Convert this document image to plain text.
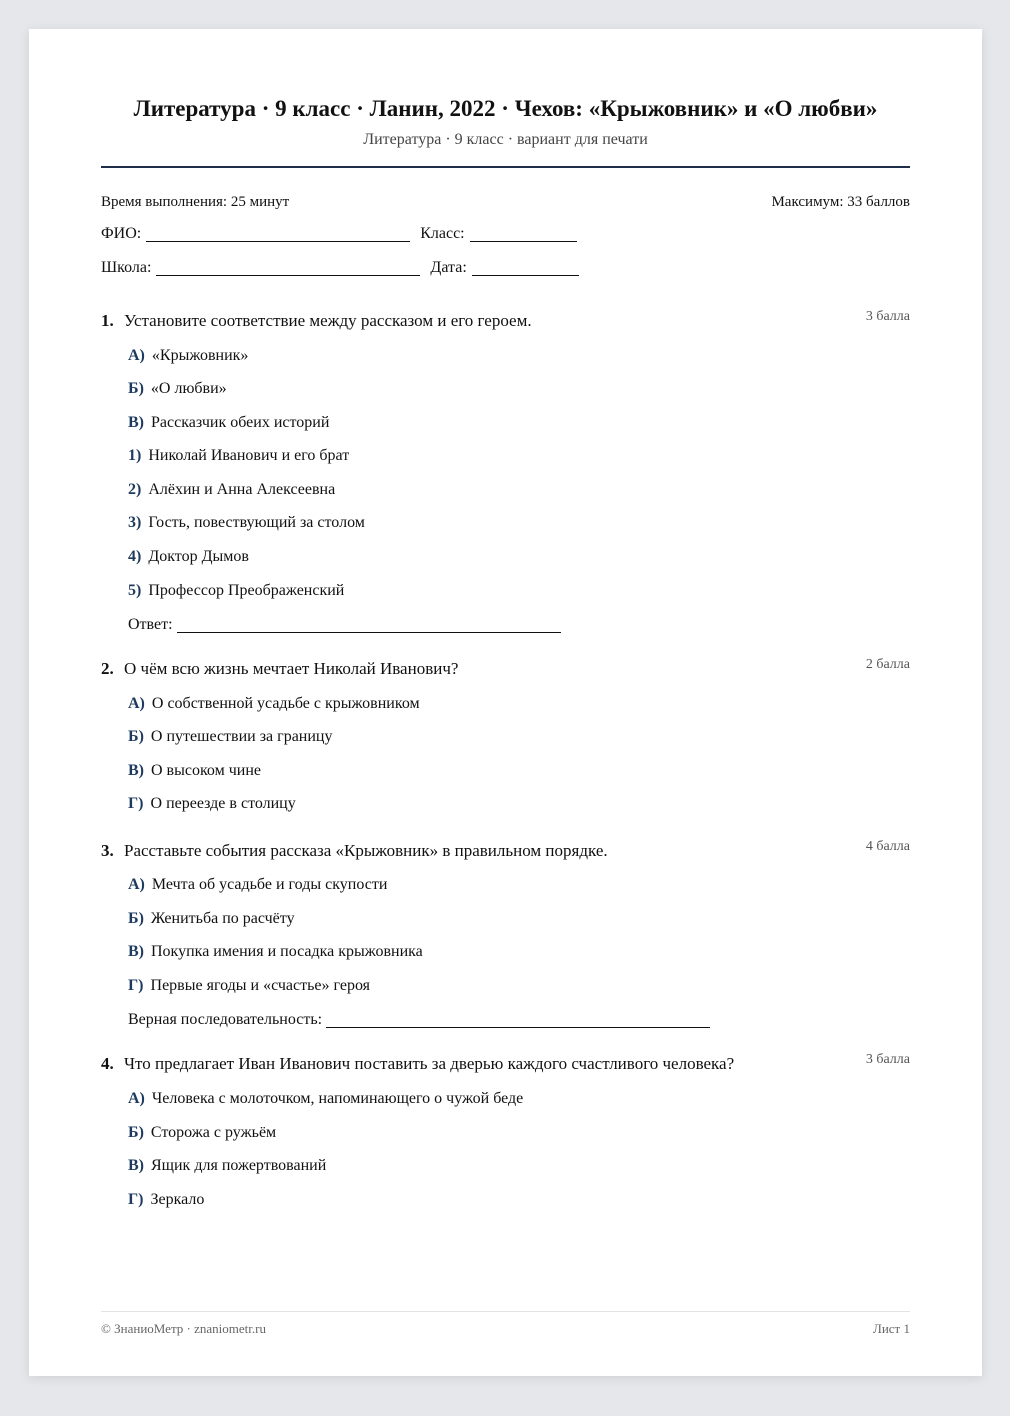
Литература · 9 класс · Ланин, 2022 · Чехов: «Крыжовник» и «О любви»
Литература · 9 класс · вариант для печати
Время выполнения: 25 минут	Максимум: 33 баллов
ФИО:	Класс:
Школа:	Дата:
1. Установите соответствие между рассказом и его героем.	3 балла
А) «Крыжовник»
Б) «О любви»
В) Рассказчик обеих историй
1) Николай Иванович и его брат
2) Алёхин и Анна Алексеевна
3) Гость, повествующий за столом
4) Доктор Дымов
5) Профессор Преображенский
Ответ:
2. О чём всю жизнь мечтает Николай Иванович?	2 балла
А) О собственной усадьбе с крыжовником
Б) О путешествии за границу
В) О высоком чине
Г) О переезде в столицу
3. Расставьте события рассказа «Крыжовник» в правильном порядке.	4 балла
А) Мечта об усадьбе и годы скупости
Б) Женитьба по расчёту
В) Покупка имения и посадка крыжовника
Г) Первые ягоды и «счастье» героя
Верная последовательность:
4. Что предлагает Иван Иванович поставить за дверью каждого счастливого человека?	3 балла
А) Человека с молоточком, напоминающего о чужой беде
Б) Сторожа с ружьём
В) Ящик для пожертвований
Г) Зеркало
© ЗнаниоМетр · znaniometr.ru	Лист 1
